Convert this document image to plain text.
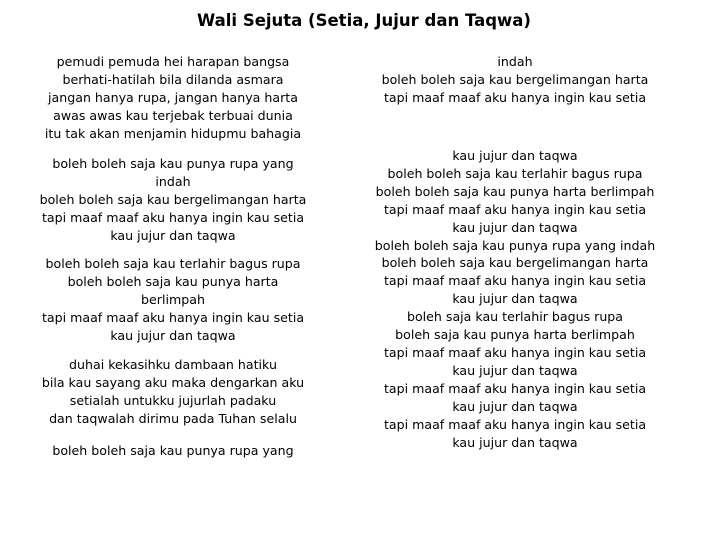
Wali Sejuta (Setia, Jujur dan Taqwa)
pemudi pemuda hei harapan bangsa
berhati-hatilah bila dilanda asmara
jangan hanya rupa, jangan hanya harta
awas awas kau terjebak terbuai dunia
itu tak akan menjamin hidupmu bahagia
boleh boleh saja kau punya rupa yang
indah
boleh boleh saja kau bergelimangan harta
tapi maaf maaf aku hanya ingin kau setia
kau jujur dan taqwa
boleh boleh saja kau terlahir bagus rupa
boleh boleh saja kau punya harta
berlimpah
tapi maaf maaf aku hanya ingin kau setia
kau jujur dan taqwa
duhai kekasihku dambaan hatiku
bila kau sayang aku maka dengarkan aku
setialah untukku jujurlah padaku
dan taqwalah dirimu pada Tuhan selalu
boleh boleh saja kau punya rupa yang
indah
boleh boleh saja kau bergelimangan harta
tapi maaf maaf aku hanya ingin kau setia
kau jujur dan taqwa
boleh boleh saja kau terlahir bagus rupa
boleh boleh saja kau punya harta berlimpah
tapi maaf maaf aku hanya ingin kau setia
kau jujur dan taqwa
boleh boleh saja kau punya rupa yang indah
boleh boleh saja kau bergelimangan harta
tapi maaf maaf aku hanya ingin kau setia
kau jujur dan taqwa
boleh saja kau terlahir bagus rupa
boleh saja kau punya harta berlimpah
tapi maaf maaf aku hanya ingin kau setia
kau jujur dan taqwa
tapi maaf maaf aku hanya ingin kau setia
kau jujur dan taqwa
tapi maaf maaf aku hanya ingin kau setia
kau jujur dan taqwa
